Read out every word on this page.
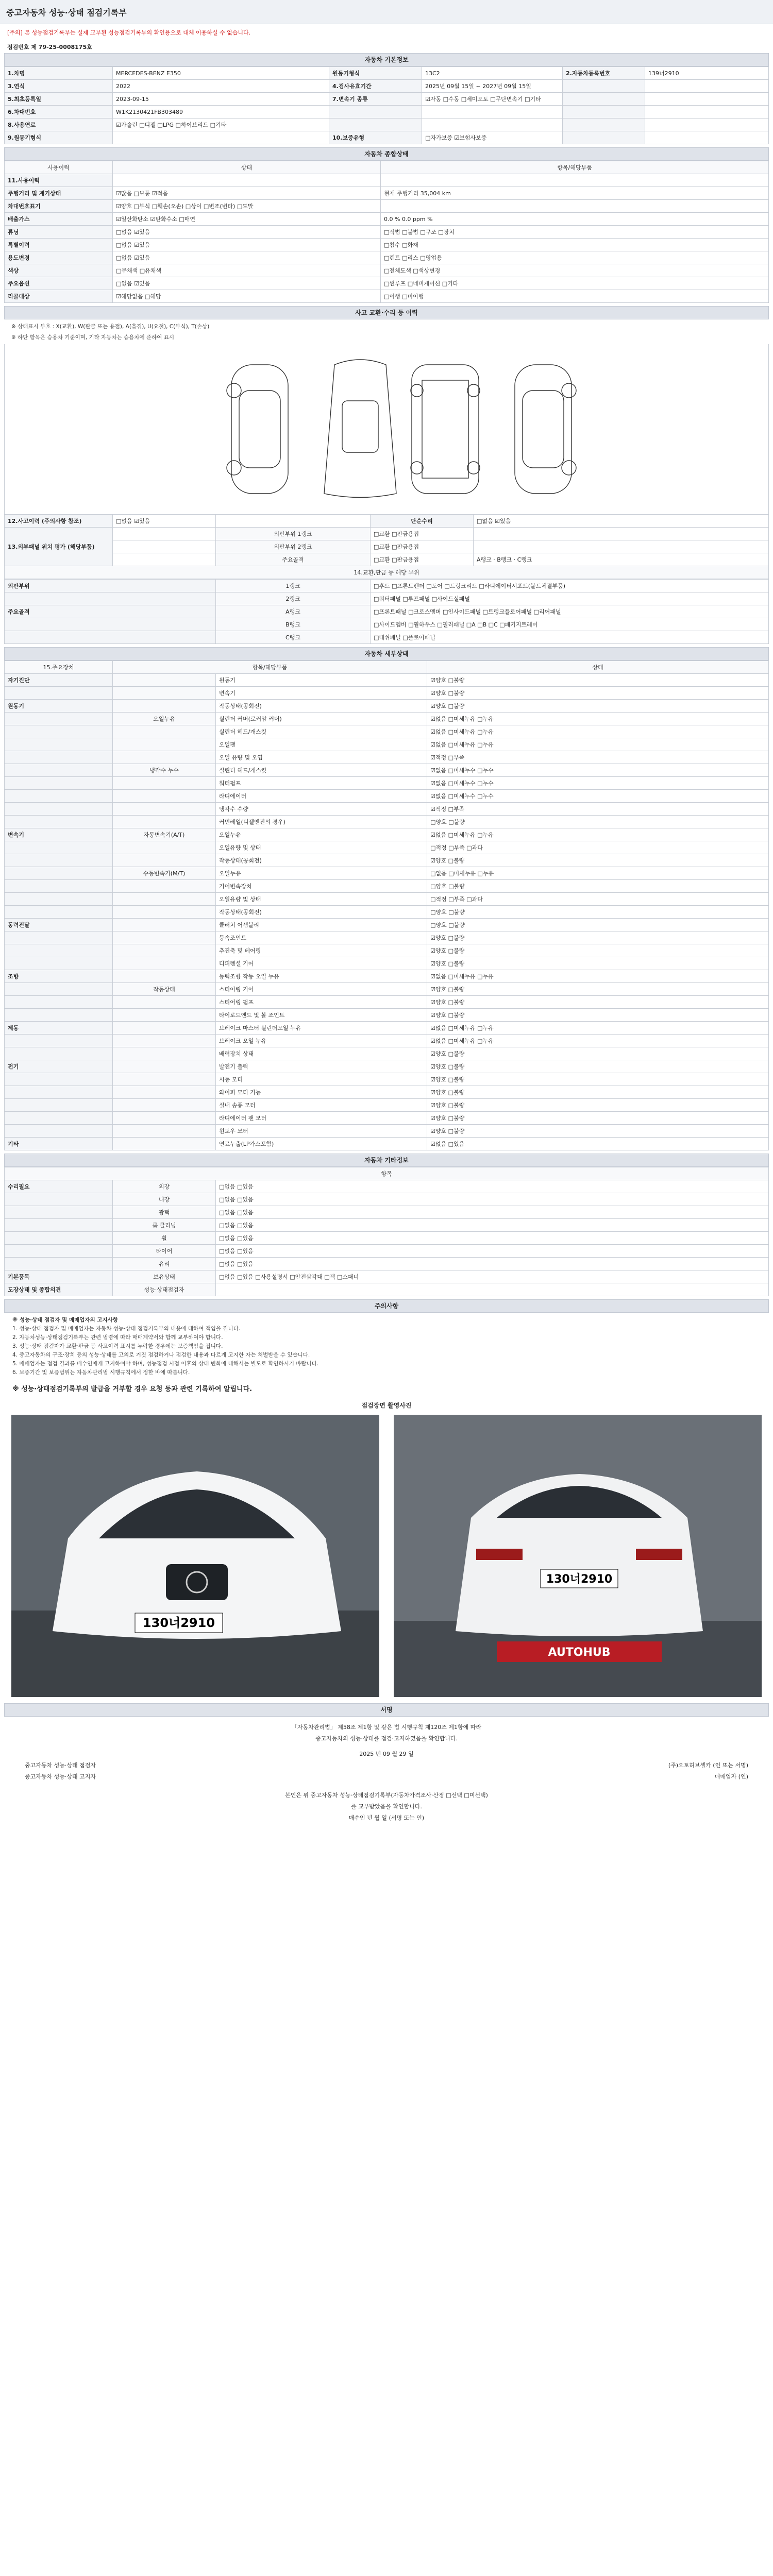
중고자동차 성능·상태 점검기록부
[주의] 본 성능점검기록부는 실제 교부된 성능점검기록부의 확인용으로 대체 이용하실 수 없습니다.
점검번호 제 79-25-0008175호
자동차 기본정보
1.차명	MERCEDES-BENZ E350	원동기형식	13C2	2.자동차등록번호	139너2910
3.연식	2022	4.검사유효기간	2025년 09월 15일 ~ 2027년 09월 15일		
5.최초등록일	2023-09-15	7.변속기 종류	☑자동 □수동 □세미오토 □무단변속기 □기타		
6.차대번호	W1K2130421FB303489				
8.사용연료	☑가솔린 □디젤 □LPG □하이브리드 □기타				
9.원동기형식		10.보증유형	□자가보증 ☑보험사보증		
자동차 종합상태
사용이력	상태	항목/해당부품
11.사용이력		
주행거리 및 계기상태	☑많음 □보통 ☑적음	현재 주행거리 35,004 km
차대번호표기	☑양호 □부식 □훼손(오손) □상이 □변조(변타) □도말	
배출가스	☑일산화탄소 ☑탄화수소 □매연	0.0 % 0.0 ppm %
튜닝	□없음 ☑있음	□적법 □불법 □구조 □장치
특별이력	□없음 ☑있음	□침수 □화재
용도변경	□없음 ☑있음	□렌트 □리스 □영업용
색상	□무채색 □유채색	□전체도색 □색상변경
주요옵션	□없음 ☑있음	□썬루프 □네비게이션 □기타
리콜대상	☑해당없음 □해당	□이행 □미이행
사고 교환·수리 등 이력
※ 상태표시 부호 : X(교환), W(판금 또는 용접), A(흠집), U(요철), C(부식), T(손상)
※ 하단 항목은 승용차 기준이며, 기타 자동차는 승용차에 준하여 표시
12.사고이력 (주의사항 참조)	□없음 ☑있음		단순수리	□없음 ☑있음
13.외부패널 위치 평가 (해당부품)		외판부위 1랭크	□교환 □판금용접	
		외판부위 2랭크	□교환 □판금용접	
		주요골격	□교환 □판금용접	A랭크 · B랭크 · C랭크
14.교환,판금 등 해당 부위				
외판부위	1랭크	□후드 □프론트펜더 □도어 □트렁크리드 □라디에이터서포트(볼트체결부품)
	2랭크	□쿼터패널 □루프패널 □사이드실패널
주요골격	A랭크	□프론트패널 □크로스멤버 □인사이드패널 □트렁크플로어패널 □리어패널
	B랭크	□사이드멤버 □휠하우스 □필러패널 □A □B □C □패키지트레이
	C랭크	□대쉬패널 □플로어패널
자동차 세부상태
15.주요장치	항목/해당부품		상태
자기진단		원동기	☑양호 □불량
		변속기	☑양호 □불량
원동기		작동상태(공회전)	☑양호 □불량
	오일누유	실린더 커버(로커암 커버)	☑없음 □미세누유 □누유
		실린더 헤드/개스킷	☑없음 □미세누유 □누유
		오일팬	☑없음 □미세누유 □누유
		오일 유량 및 오염	☑적정 □부족
	냉각수 누수	실린더 헤드/개스킷	☑없음 □미세누수 □누수
		워터펌프	☑없음 □미세누수 □누수
		라디에이터	☑없음 □미세누수 □누수
		냉각수 수량	☑적정 □부족
		커먼레일(디젤엔진의 경우)	□양호 □불량
변속기	자동변속기(A/T)	오일누유	☑없음 □미세누유 □누유
		오일유량 및 상태	□적정 □부족 □과다
		작동상태(공회전)	☑양호 □불량
	수동변속기(M/T)	오일누유	□없음 □미세누유 □누유
		기어변속장치	□양호 □불량
		오일유량 및 상태	□적정 □부족 □과다
		작동상태(공회전)	□양호 □불량
동력전달		클러치 어셈블리	□양호 □불량
		등속조인트	☑양호 □불량
		추진축 및 베어링	☑양호 □불량
		디퍼렌셜 기어	☑양호 □불량
조향		동력조향 작동 오일 누유	☑없음 □미세누유 □누유
	작동상태	스티어링 기어	☑양호 □불량
		스티어링 펌프	☑양호 □불량
		타이로드엔드 및 볼 조인트	☑양호 □불량
제동		브레이크 마스터 실린더오일 누유	☑없음 □미세누유 □누유
		브레이크 오일 누유	☑없음 □미세누유 □누유
		배력장치 상태	☑양호 □불량
전기		발전기 출력	☑양호 □불량
		시동 모터	☑양호 □불량
		와이퍼 모터 기능	☑양호 □불량
		실내 송풍 모터	☑양호 □불량
		라디에이터 팬 모터	☑양호 □불량
		윈도우 모터	☑양호 □불량
기타		연료누출(LP가스포함)	☑없음 □있음
자동차 기타정보
항목		
수리필요	외장	□없음 □있음
	내장	□없음 □있음
	광택	□없음 □있음
	룸 클리닝	□없음 □있음
	휠	□없음 □있음
	타이어	□없음 □있음
	유리	□없음 □있음
기본품목	보유상태	□없음 □있음 □사용설명서 □안전삼각대 □잭 □스패너
도장상태 및 종합의견	성능·상태점검자	
주의사항

※ 성능·상태 점검자 및 매매업자의 고지사항

1. 성능·상태 점검자 및 매매업자는 자동차 성능·상태 점검기록부의 내용에 대하여 책임을 집니다.

2. 자동차성능·상태점검기록부는 관련 법령에 따라 매매계약서와 함께 교부하여야 합니다.

3. 성능·상태 점검자가 교환·판금 등 사고이력 표시를 누락한 경우에는 보증책임을 집니다.

4. 중고자동차의 구조·장치 등의 성능·상태를 고의로 거짓 점검하거나 점검한 내용과 다르게 고지한 자는 처벌받을 수 있습니다.

5. 매매업자는 점검 결과를 매수인에게 고지하여야 하며, 성능점검 시점 이후의 상태 변화에 대해서는 별도로 확인하시기 바랍니다.

6. 보증기간 및 보증범위는 자동차관리법 시행규칙에서 정한 바에 따릅니다.

※ 성능·상태점검기록부의 발급을 거부할 경우 요청 등과 관련 기록하여 알립니다.
점검장면 촬영사진
130너2910
130너2910
AUTOHUB
서명
「자동차관리법」 제58조 제1항 및 같은 법 시행규칙 제120조 제1항에 따라
중고자동차의 성능·상태를 점검·고지하였음을 확인합니다.
2025 년 09 월 29 일
중고자동차 성능·상태 점검자	(주)오토허브셀카 (인 또는 서명)
중고자동차 성능·상태 고지자	매매업자 (인)
본인은 위 중고자동차 성능·상태점검기록부(자동차가격조사·산정 □선택 □미선택)
를 교부받았음을 확인합니다.
매수인 년 월 일 (서명 또는 인)
